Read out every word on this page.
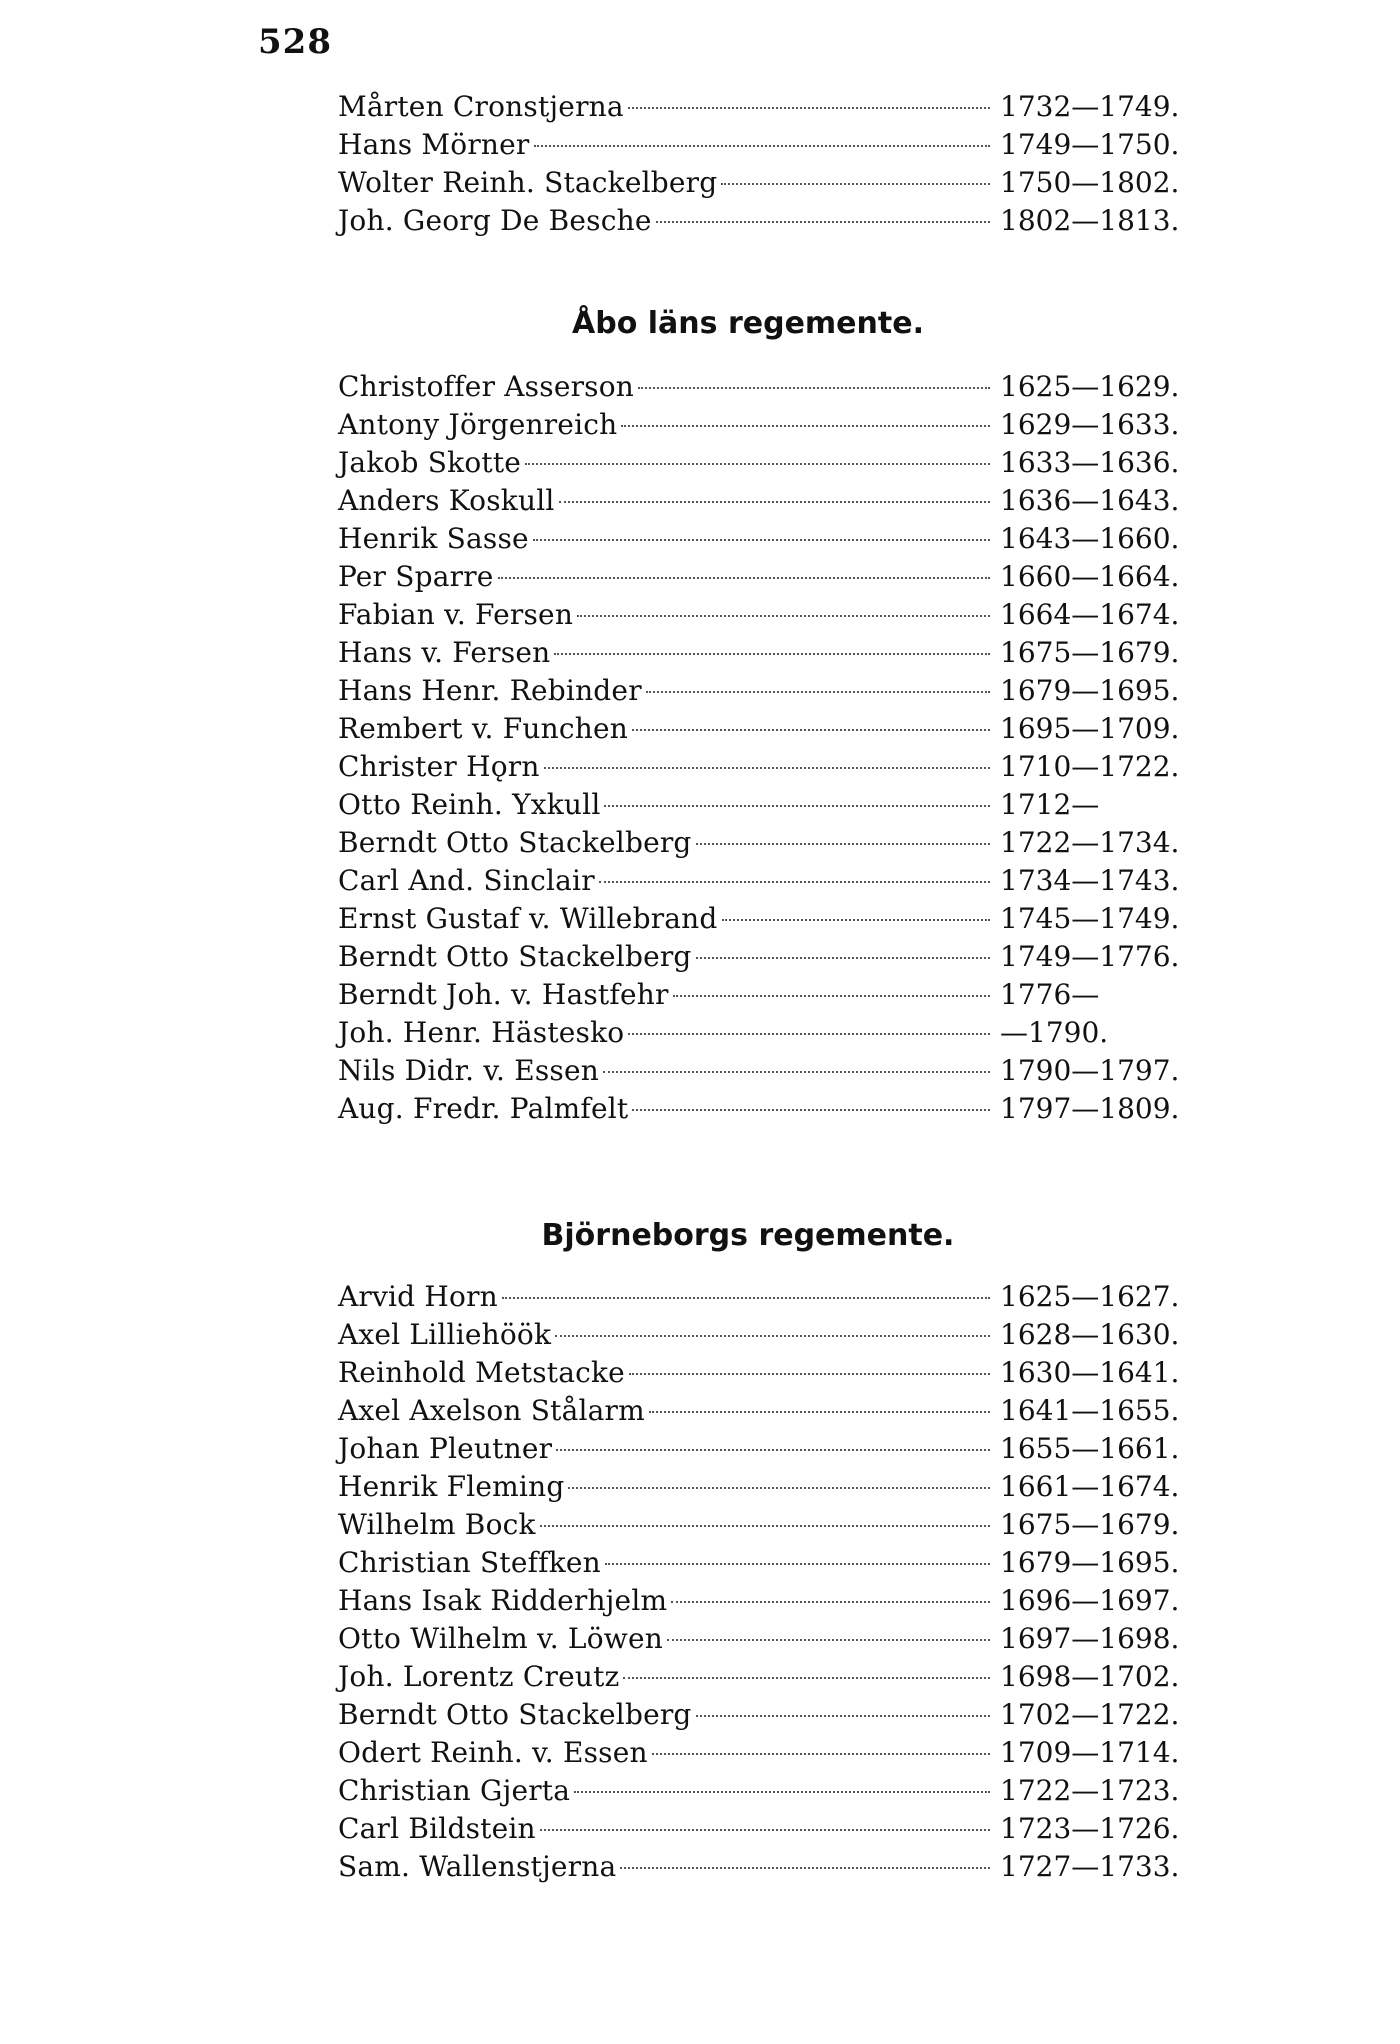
528
Mårten Cronstjerna	1732—1749.
Hans Mörner	1749—1750.
Wolter Reinh. Stackelberg	1750—1802.
Joh. Georg De Besche	1802—1813.
Åbo läns regemente.
Christoffer Asserson	1625—1629.
Antony Jörgenreich	1629—1633.
Jakob Skotte	1633—1636.
Anders Koskull	1636—1643.
Henrik Sasse	1643—1660.
Per Sparre	1660—1664.
Fabian v. Fersen	1664—1674.
Hans v. Fersen	1675—1679.
Hans Henr. Rebinder	1679—1695.
Rembert v. Funchen	1695—1709.
Christer Hǫrn	1710—1722.
Otto Reinh. Yxkull	1712—
Berndt Otto Stackelberg	1722—1734.
Carl And. Sinclair	1734—1743.
Ernst Gustaf v. Willebrand	1745—1749.
Berndt Otto Stackelberg	1749—1776.
Berndt Joh. v. Hastfehr	1776—
Joh. Henr. Hästesko	—1790.
Nils Didr. v. Essen	1790—1797.
Aug. Fredr. Palmfelt	1797—1809.
Björneborgs regemente.
Arvid Horn	1625—1627.
Axel Lilliehöök	1628—1630.
Reinhold Metstacke	1630—1641.
Axel Axelson Stålarm	1641—1655.
Johan Pleutner	1655—1661.
Henrik Fleming	1661—1674.
Wilhelm Bock	1675—1679.
Christian Steffken	1679—1695.
Hans Isak Ridderhjelm	1696—1697.
Otto Wilhelm v. Löwen	1697—1698.
Joh. Lorentz Creutz	1698—1702.
Berndt Otto Stackelberg	1702—1722.
Odert Reinh. v. Essen	1709—1714.
Christian Gjerta	1722—1723.
Carl Bildstein	1723—1726.
Sam. Wallenstjerna	1727—1733.
